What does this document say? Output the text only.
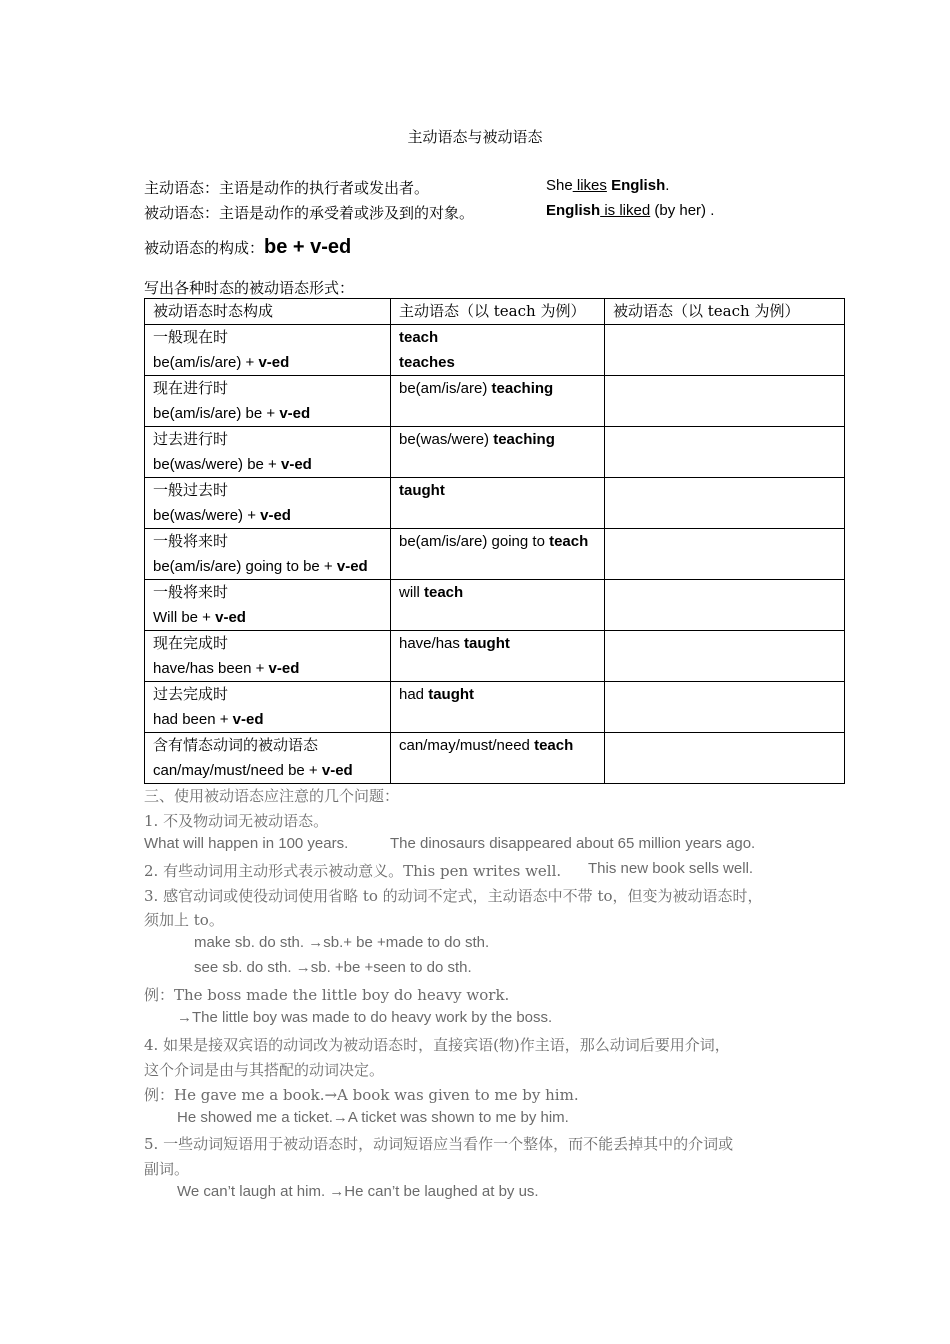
主动语态与被动语态
主动语态：主语是动作的执行者或发出者。	She likes English.
被动语态：主语是动作的承受着或涉及到的对象。	English is liked (by her) .
被动语态的构成：be + v-ed
写出各种时态的被动语态形式：
被动语态时态构成	主动语态（以 teach 为例）	被动语态（以 teach 为例）

一般现在时
be(am/is/are) + v-ed	teach
teaches	

现在进行时
be(am/is/are) be + v-ed	be(am/is/are) teaching	

过去进行时
be(was/were) be + v-ed	be(was/were) teaching	

一般过去时
be(was/were) + v-ed	taught	

一般将来时
be(am/is/are) going to be + v-ed	be(am/is/are) going to teach	

一般将来时
Will be + v-ed	will teach	

现在完成时
have/has been + v-ed	have/has taught	

过去完成时
had been + v-ed	had taught	

含有情态动词的被动语态
can/may/must/need be + v-ed	can/may/must/need teach	

三、使用被动语态应注意的几个问题：
1. 不及物动词无被动语态。
What will happen in 100 years.	The dinosaurs disappeared about 65 million years ago.
2. 有些动词用主动形式表示被动意义。This pen writes well. This new book sells well.
3. 感官动词或使役动词使用省略 to 的动词不定式，主动语态中不带 to，但变为被动语态时，
须加上 to。
make sb. do sth. →sb.+ be +made to do sth.
see sb. do sth. →sb. +be +seen to do sth.
例：The boss made the little boy do heavy work.
→The little boy was made to do heavy work by the boss.
4. 如果是接双宾语的动词改为被动语态时，直接宾语(物)作主语，那么动词后要用介词，
这个介词是由与其搭配的动词决定。
例：He gave me a book.→A book was given to me by him.
He showed me a ticket.→A ticket was shown to me by him.
5. 一些动词短语用于被动语态时，动词短语应当看作一个整体，而不能丢掉其中的介词或
副词。
We can’t laugh at him. →He can’t be laughed at by us.
